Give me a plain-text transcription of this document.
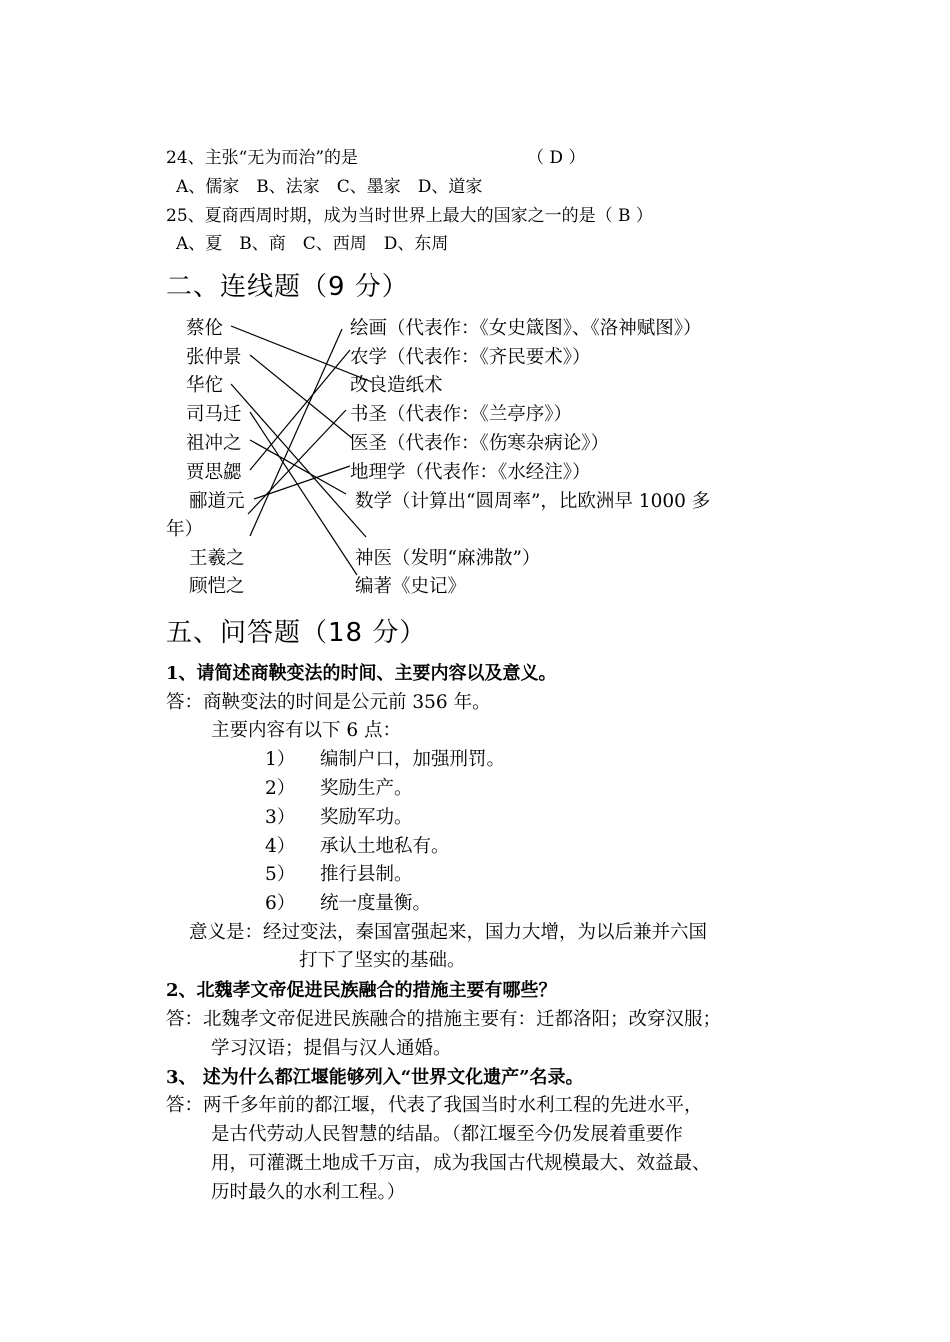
24、主张“无为而治”的是	（ D ）
A、儒家　B、法家　C、墨家　D、道家
25、夏商西周时期，成为当时世界上最大的国家之一的是（ B ）
A、夏　B、商　C、西周　D、东周
二、连线题（9 分）
蔡伦
张仲景
华佗
司马迁
祖冲之
贾思勰
郦道元
王羲之
顾恺之
绘画（代表作：《女史箴图》、《洛神赋图》）
农学（代表作：《齐民要术》）
改良造纸术
书圣（代表作：《兰亭序》）
医圣（代表作：《伤寒杂病论》）
地理学（代表作：《水经注》）
数学（计算出“圆周率”，比欧洲早 1000 多
年）
神医（发明“麻沸散”）
编著《史记》
五、问答题（18 分）
1、请简述商鞅变法的时间、主要内容以及意义。
答：商鞅变法的时间是公元前 356 年。
主要内容有以下 6 点：
1） 编制户口，加强刑罚。
2） 奖励生产。
3） 奖励军功。
4） 承认土地私有。
5） 推行县制。
6） 统一度量衡。
意义是：经过变法，秦国富强起来，国力大增，为以后兼并六国
打下了坚实的基础。
2、北魏孝文帝促进民族融合的措施主要有哪些？
答：北魏孝文帝促进民族融合的措施主要有：迁都洛阳；改穿汉服；
学习汉语；提倡与汉人通婚。
3、 述为什么都江堰能够列入“世界文化遗产”名录。
答：两千多年前的都江堰，代表了我国当时水利工程的先进水平，
是古代劳动人民智慧的结晶。（都江堰至今仍发展着重要作
用，可灌溉土地成千万亩，成为我国古代规模最大、效益最、
历时最久的水利工程。）
